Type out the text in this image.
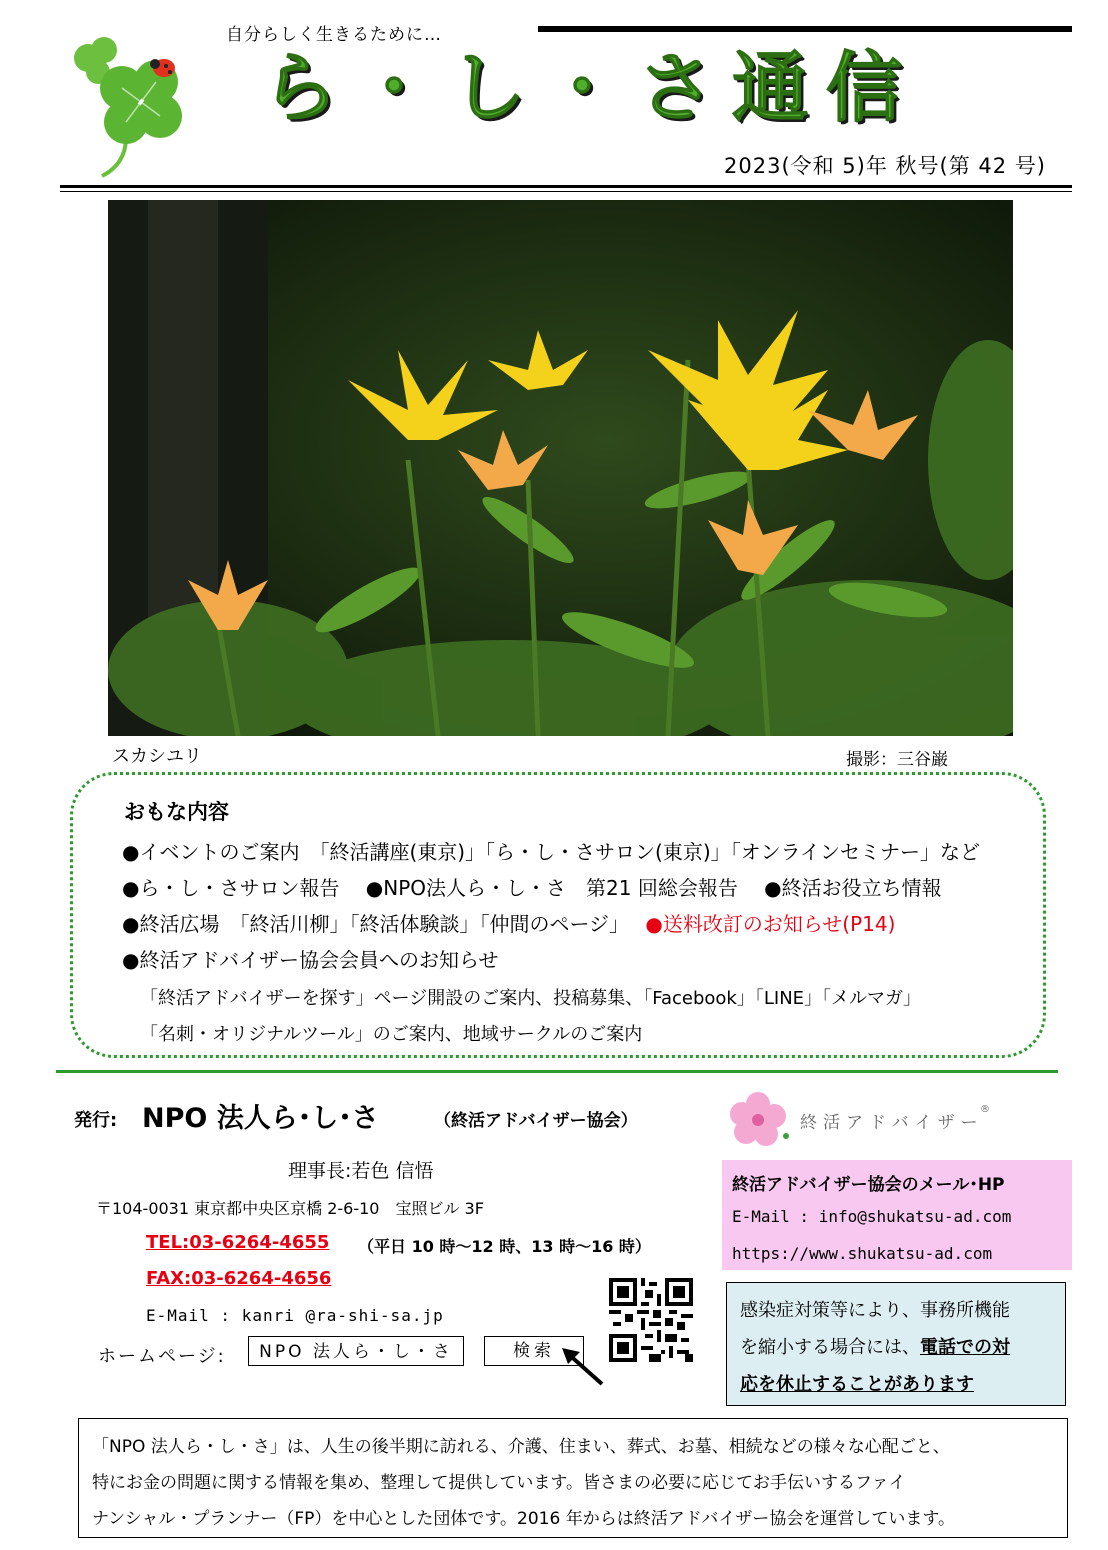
自分らしく生きるために…
ら・し・さ通信
2023(令和 5)年 秋号(第 42 号)
スカシユリ	撮影：三谷巌
おもな内容
●イベントのご案内　「終活講座(東京)」「ら・し・さサロン(東京)」「オンラインセミナー」など
●ら・し・さサロン報告　 ●NPO法人ら・し・さ　第21 回総会報告　 ●終活お役立ち情報
●終活広場　「終活川柳」「終活体験談」「仲間のページ」　 ●送料改訂のお知らせ(P14)
●終活アドバイザー協会会員へのお知らせ
「終活アドバイザーを探す」ページ開設のご案内、投稿募集、「Facebook」「LINE」「メルマガ」
「名刺・オリジナルツール」のご案内、地域サークルのご案内
発行: NPO 法人ら･し･さ	（終活アドバイザー協会）
理事長:若色 信悟
〒104-0031 東京都中央区京橋 2-6-10　宝照ビル 3F
TEL:03-6264-4655 （平日 10 時～12 時、13 時～16 時）
FAX:03-6264-4656
E-Mail : kanri @ra-shi-sa.jp
ホームページ:	NPO 法人ら・し・さ	検索
終活アドバイザー
®
終活アドバイザー協会のメール･HP
E-Mail : info@shukatsu-ad.com
https://www.shukatsu-ad.com
感染症対策等により、事務所機能
を縮小する場合には、電話での対
応を休止することがあります
「NPO 法人ら・し・さ」は、人生の後半期に訪れる、介護、住まい、葬式、お墓、相続などの様々な心配ごと、
特にお金の問題に関する情報を集め、整理して提供しています。皆さまの必要に応じてお手伝いするファイ
ナンシャル・プランナー（FP）を中心とした団体です。2016 年からは終活アドバイザー協会を運営しています。
